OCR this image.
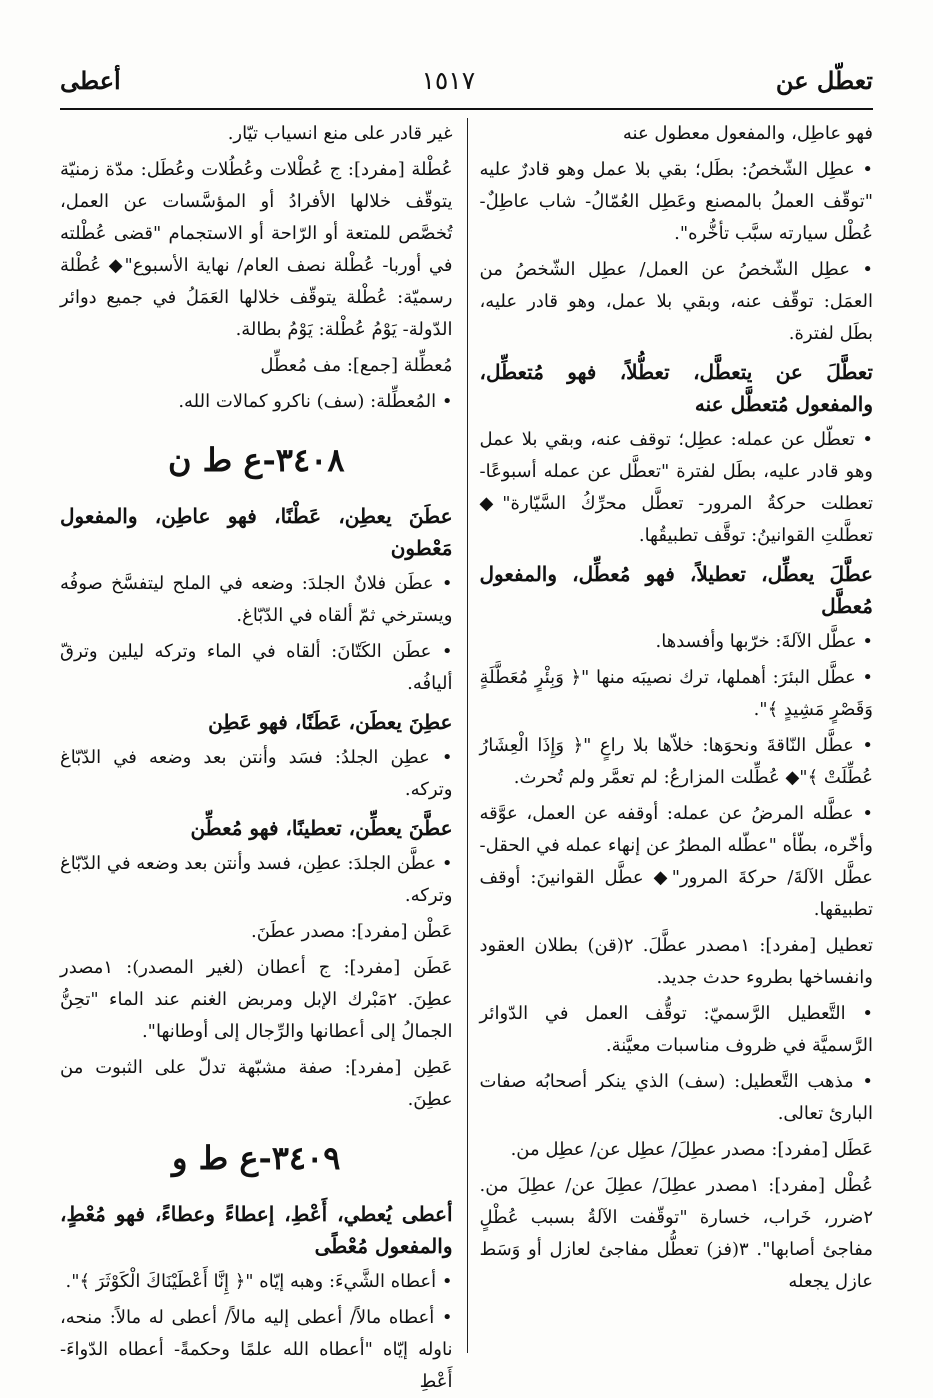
تعطّل عن
١٥١٧
أعطى

فهو عاطِل، والمفعول معطول عنه

• عطِل الشّخصُ: بطَل؛ بقي بلا عمل وهو قادرٌ عليه "توقّف العملُ بالمصنع وعَطِل العُمّالُ- شاب عاطِلٌ- عُطْل سيارته سبَّب تأخُّره".

• عطِل الشّخصُ عن العمل/ عطِل الشّخصُ من العمَل: توقّف عنه، وبقي بلا عمل، وهو قادر عليه، بطَل لفترة.

تعطَّلَ عن يتعطَّل، تعطُّلاً، فهو مُتعطِّل، والمفعول مُتعطَّل عنه

• تعطّل عن عمله: عطِل؛ توقف عنه، وبقي بلا عمل وهو قادر عليه، بطَل لفترة "تعطَّل عن عمله أسبوعًا- تعطلت حركةُ المرور- تعطَّل محرِّكُ السَّيّارة"◆ تعطَّلتِ القوانينُ: توقَّف تطبيقُها.

عطَّلَ يعطِّل، تعطيلاً، فهو مُعطِّل، والمفعول مُعطَّل

• عطَّل الآلةَ: خرّبها وأفسدها.

• عطَّل البئرَ: أهملها، ترك نصيبَه منها "﴿ وَبِئْرٍ مُعَطَّلَةٍ وَقَصْرٍ مَشِيدٍ ﴾".

• عطَّل النّاقةَ ونحوَها: خلاّها بلا راعٍ "﴿ وَإِذَا الْعِشَارُ عُطِّلَتْ ﴾"◆ عُطِّلت المزارعُ: لم تعمَّر ولم تُحرث.

• عطَّله المرضُ عن عمله: أوقفه عن العمل، عوَّقه وأخّره، بطّأه "عطّله المطرُ عن إنهاء عمله في الحقل- عطَّل الآلةَ/ حركةَ المرور"◆ عطَّل القوانينَ: أوقف تطبيقها.

تعطيل [مفرد]: ١مصدر عطَّلَ. ٢(قن) بطلان العقود وانفساخها بطروء حدث جديد.

• التَّعطيل الرَّسميّ: توقُّف العمل في الدّوائر الرَّسميَّة في ظروف مناسبات معيَّنة.

• مذهب التَّعطيل: (سف) الذي ينكر أصحابُه صفات البارئ تعالى.

عَطَل [مفرد]: مصدر عطِلَ/ عطِل عن/ عطِل من.

عُطْل [مفرد]: ١مصدر عطِلَ/ عطِلَ عن/ عطِلَ من. ٢ضرر، خَراب، خسارة "توقّفت الآلةُ بسبب عُطْلٍ مفاجئ أصابها". ٣(فز) تعطُّل مفاجئ لعازل أو وَسَط عازل يجعله

غير قادر على منع انسياب تيّار.

عُطْلة [مفرد]: ج عُطْلات وعُطُلات وعُطَل: مدّة زمنيّة يتوقّف خلالها الأفرادُ أو المؤسَّسات عن العمل، تُخصَّص للمتعة أو الرّاحة أو الاستجمام "قضى عُطْلته في أوربا- عُطْلة نصف العام/ نهاية الأسبوع"◆ عُطْلة رسميّة: عُطْلة يتوقّف خلالها العَمَلُ في جميع دوائر الدّولة- يَوْمُ عُطْلة: يَوْمُ بطالة.

مُعطِّلة [جمع]: مف مُعطِّل

• المُعطِّلة: (سف) ناكرو كمالات الله.

٣٤٠٨-ع ط ن

عطَنَ يعطِن، عَطْنًا، فهو عاطِن، والمفعول مَعْطون

• عطَن فلانٌ الجلدَ: وضعه في الملح ليتفسَّخ صوفُه ويسترخي ثمّ ألقاه في الدّبّاغ.

• عطَن الكَتّانَ: ألقاه في الماء وتركه ليلين وترقّ أليافُه.

عطِنَ يعطَن، عَطَنًا، فهو عَطِن

• عطِن الجلدُ: فسَد وأنتن بعد وضعه في الدّبّاغ وتركه.

عطَّنَ يعطِّن، تعطينًا، فهو مُعطِّن

• عطَّن الجلدَ: عطِن، فسد وأنتن بعد وضعه في الدّبّاغ وتركه.

عَطْن [مفرد]: مصدر عطَنَ.

عَطَن [مفرد]: ج أعطان (لغير المصدر): ١مصدر عطِنَ. ٢مَبْرك الإبل ومربض الغنم عند الماء "تحِنُّ الجمالُ إلى أعطانها والرِّجال إلى أوطانها".

عَطِن [مفرد]: صفة مشبّهة تدلّ على الثبوت من عطِنَ.

٣٤٠٩-ع ط و

أعطى يُعطي، أَعْطِ، إعطاءً وعطاءً، فهو مُعْطٍ، والمفعول مُعْطًى

• أعطاه الشَّيءَ: وهبه إيّاه "﴿ إِنَّا أَعْطَيْنَاكَ الْكَوْثَرَ ﴾".

• أعطاه مالاً/ أعطى إليه مالاً/ أعطى له مالاً: منحه، ناوله إيّاه "أعطاه الله علمًا وحكمةً- أعطاه الدّواءَ- أَعْطِ
